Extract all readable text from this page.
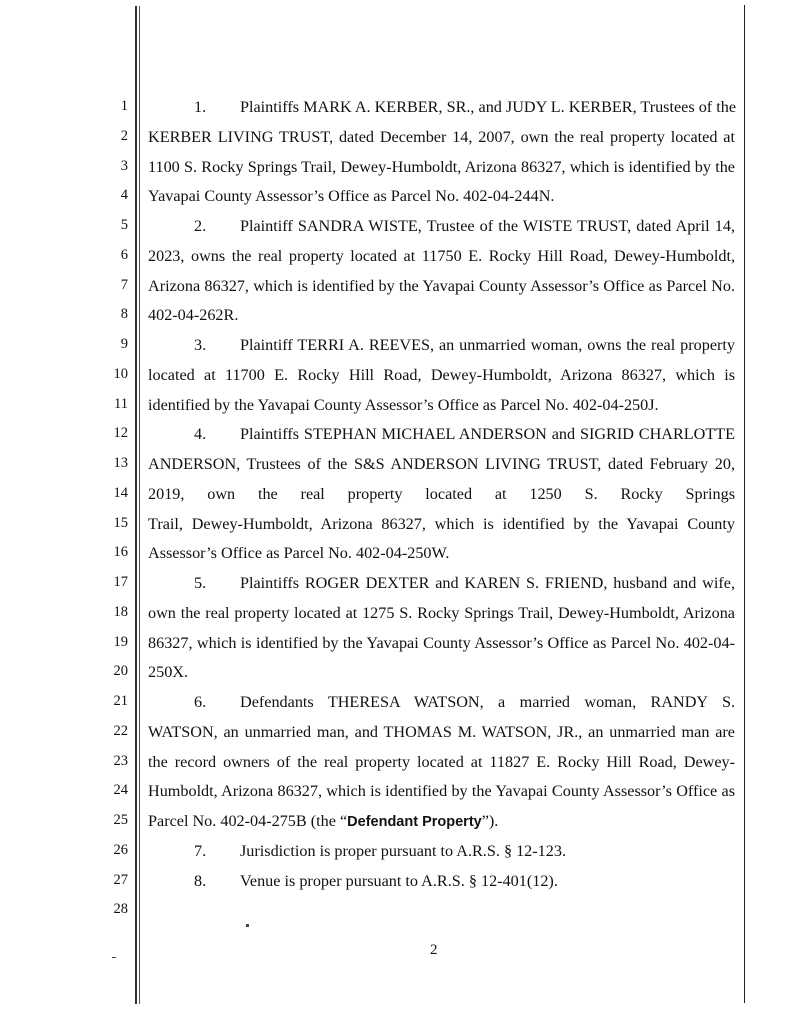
1
2
3
4
5
6
7
8
9
10
11
12
13
14
15
16
17
18
19
20
21
22
23
24
25
26
27
28
1. Plaintiffs MARK A. KERBER, SR., and JUDY L. KERBER, Trustees of the
KERBER LIVING TRUST, dated December 14, 2007, own the real property located at
1100 S. Rocky Springs Trail, Dewey-Humboldt, Arizona 86327, which is identified by the
Yavapai County Assessor’s Office as Parcel No. 402-04-244N.
2. Plaintiff SANDRA WISTE, Trustee of the WISTE TRUST, dated April 14,
2023, owns the real property located at 11750 E. Rocky Hill Road, Dewey-Humboldt,
Arizona 86327, which is identified by the Yavapai County Assessor’s Office as Parcel No.
402-04-262R.
3. Plaintiff TERRI A. REEVES, an unmarried woman, owns the real property
located at 11700 E. Rocky Hill Road, Dewey-Humboldt, Arizona 86327, which is
identified by the Yavapai County Assessor’s Office as Parcel No. 402-04-250J.
4. Plaintiffs STEPHAN MICHAEL ANDERSON and SIGRID CHARLOTTE
ANDERSON, Trustees of the S&S ANDERSON LIVING TRUST, dated February 20,
2019, own the real property located at 1250 S. Rocky Springs
Trail, Dewey-Humboldt, Arizona 86327, which is identified by the Yavapai County
Assessor’s Office as Parcel No. 402-04-250W.
5. Plaintiffs ROGER DEXTER and KAREN S. FRIEND, husband and wife,
own the real property located at 1275 S. Rocky Springs Trail, Dewey-Humboldt, Arizona
86327, which is identified by the Yavapai County Assessor’s Office as Parcel No. 402-04-
250X.
6. Defendants THERESA WATSON, a married woman, RANDY S.
WATSON, an unmarried man, and THOMAS M. WATSON, JR., an unmarried man are
the record owners of the real property located at 11827 E. Rocky Hill Road, Dewey-
Humboldt, Arizona 86327, which is identified by the Yavapai County Assessor’s Office as
Parcel No. 402-04-275B (the “Defendant Property”).
7. Jurisdiction is proper pursuant to A.R.S. § 12-123.
8. Venue is proper pursuant to A.R.S. § 12-401(12).
2
